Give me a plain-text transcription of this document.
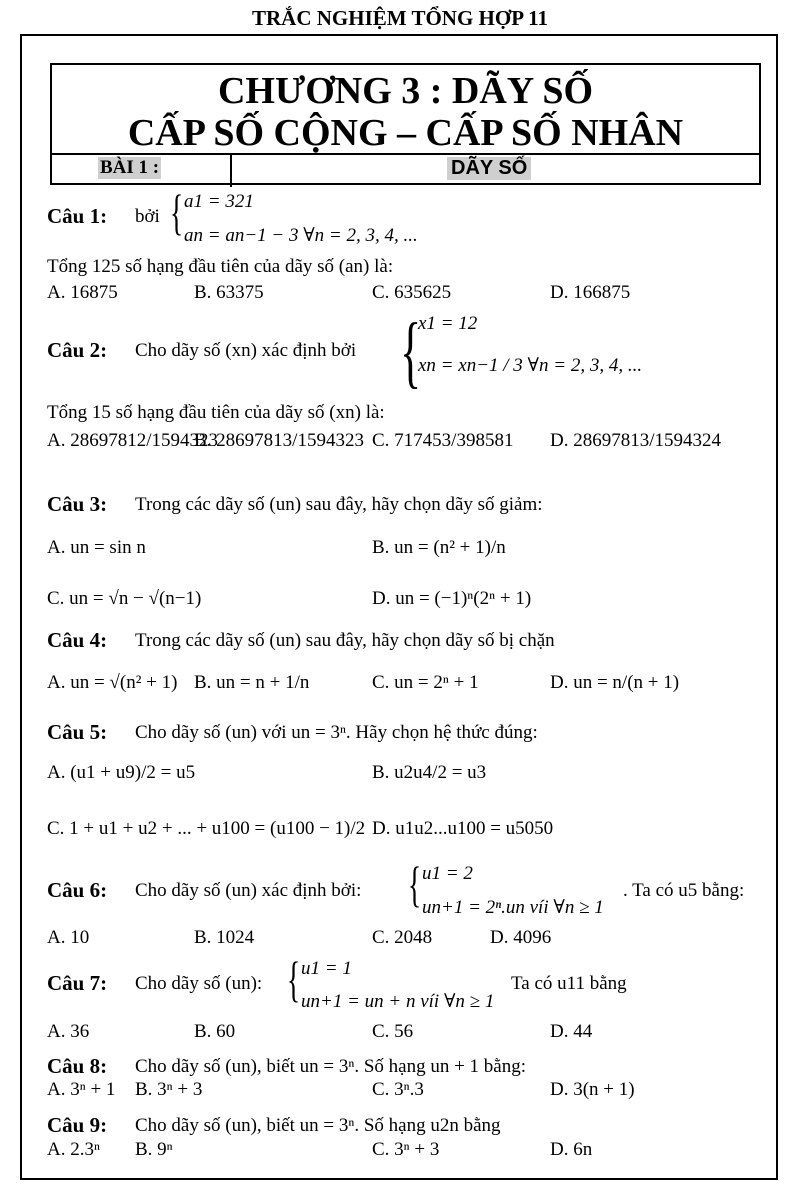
TRẮC NGHIỆM TỔNG HỢP 11
CHƯƠNG 3 : DÃY SỐ
CẤP SỐ CỘNG – CẤP SỐ NHÂN
BÀI 1 :	DÃY SỐ
Câu 1: bởi { a1 = 321
an = an−1 − 3 ∀n = 2, 3, 4, ...
Tổng 125 số hạng đầu tiên của dãy số (an) là:
A. 16875	B. 63375	C. 635625	D. 166875
Câu 2: Cho dãy số (xn) xác định bởi {
x1 = 12
xn = xn−1 / 3 ∀n = 2, 3, 4, ...
Tổng 15 số hạng đầu tiên của dãy số (xn) là:
A. 28697812/1594323
B. 28697813/1594323 C. 717453/398581 D. 28697813/1594324
Câu 3: Trong các dãy số (un) sau đây, hãy chọn dãy số giảm:
A. un = sin n	B. un = (n² + 1)/n
C. un = √n − √(n−1)	D. un = (−1)ⁿ(2ⁿ + 1)
Câu 4: Trong các dãy số (un) sau đây, hãy chọn dãy số bị chặn
A. un = √(n² + 1) B. un = n + 1/n	C. un = 2ⁿ + 1	D. un = n/(n + 1)
Câu 5: Cho dãy số (un) với un = 3ⁿ. Hãy chọn hệ thức đúng:
A. (u1 + u9)/2 = u5	B. u2u4/2 = u3
C. 1 + u1 + u2 + ... + u100 = (u100 − 1)/2 D. u1u2...u100 = u5050
Câu 6: Cho dãy số (un) xác định bởi: { u1 = 2
un+1 = 2ⁿ.un víi ∀n ≥ 1
. Ta có u5 bằng:
A. 10	B. 1024	C. 2048	D. 4096
Câu 7: Cho dãy số (un): { u1 = 1
un+1 = un + n víi ∀n ≥ 1
Ta có u11 bằng
A. 36	B. 60	C. 56	D. 44
Câu 8: Cho dãy số (un), biết un = 3ⁿ. Số hạng un + 1 bằng:
A. 3ⁿ + 1 B. 3ⁿ + 3	C. 3ⁿ.3	D. 3(n + 1)
Câu 9: Cho dãy số (un), biết un = 3ⁿ. Số hạng u2n bằng
A. 2.3ⁿ B. 9ⁿ	C. 3ⁿ + 3	D. 6n
